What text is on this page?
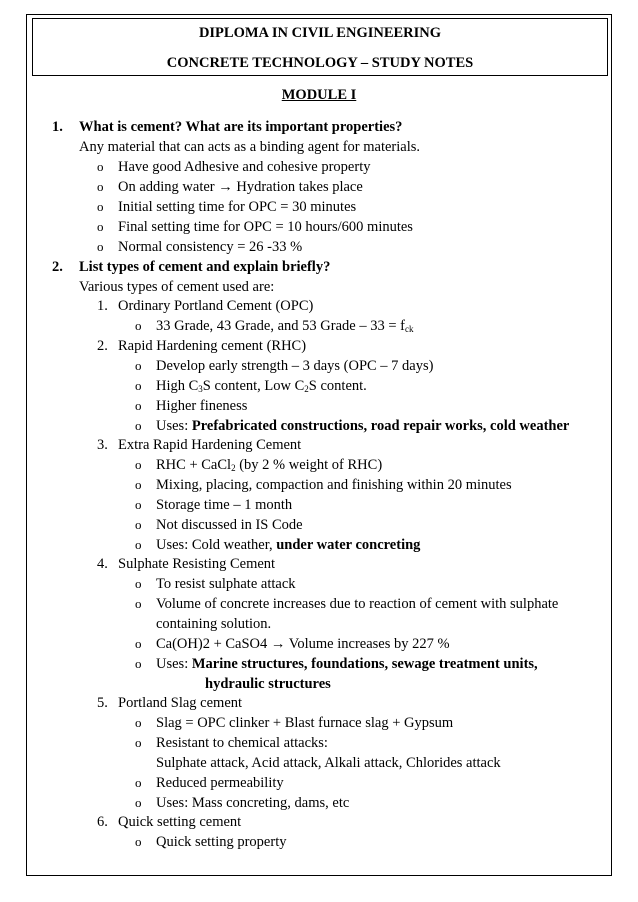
DIPLOMA IN CIVIL ENGINEERING
CONCRETE TECHNOLOGY – STUDY NOTES
MODULE I
1. What is cement? What are its important properties?
Any material that can acts as a binding agent for materials.
o Have good Adhesive and cohesive property
o On adding water → Hydration takes place
o Initial setting time for OPC = 30 minutes
o Final setting time for OPC = 10 hours/600 minutes
o Normal consistency = 26 -33 %
2. List types of cement and explain briefly?
Various types of cement used are:
1. Ordinary Portland Cement (OPC)
o 33 Grade, 43 Grade, and 53 Grade – $33 = f_{ck}$
2. Rapid Hardening cement (RHC)
o Develop early strength – 3 days (OPC – 7 days)
o High $C_3S$ content, Low $C_2S$ content.
o Higher fineness
o Uses: Prefabricated constructions, road repair works, cold weather
3. Extra Rapid Hardening Cement
o RHC + CaCl$_2$ (by 2 % weight of RHC)
o Mixing, placing, compaction and finishing within 20 minutes
o Storage time – 1 month
o Not discussed in IS Code
o Uses: Cold weather, under water concreting
4. Sulphate Resisting Cement
o To resist sulphate attack
o Volume of concrete increases due to reaction of cement with sulphate
containing solution.
o Ca(OH)2 + CaSO4 → Volume increases by 227 %
o Uses: Marine structures, foundations, sewage treatment units,
hydraulic structures
5. Portland Slag cement
o Slag = OPC clinker + Blast furnace slag + Gypsum
o Resistant to chemical attacks:
Sulphate attack, Acid attack, Alkali attack, Chlorides attack
o Reduced permeability
o Uses: Mass concreting, dams, etc
6. Quick setting cement
o Quick setting property
